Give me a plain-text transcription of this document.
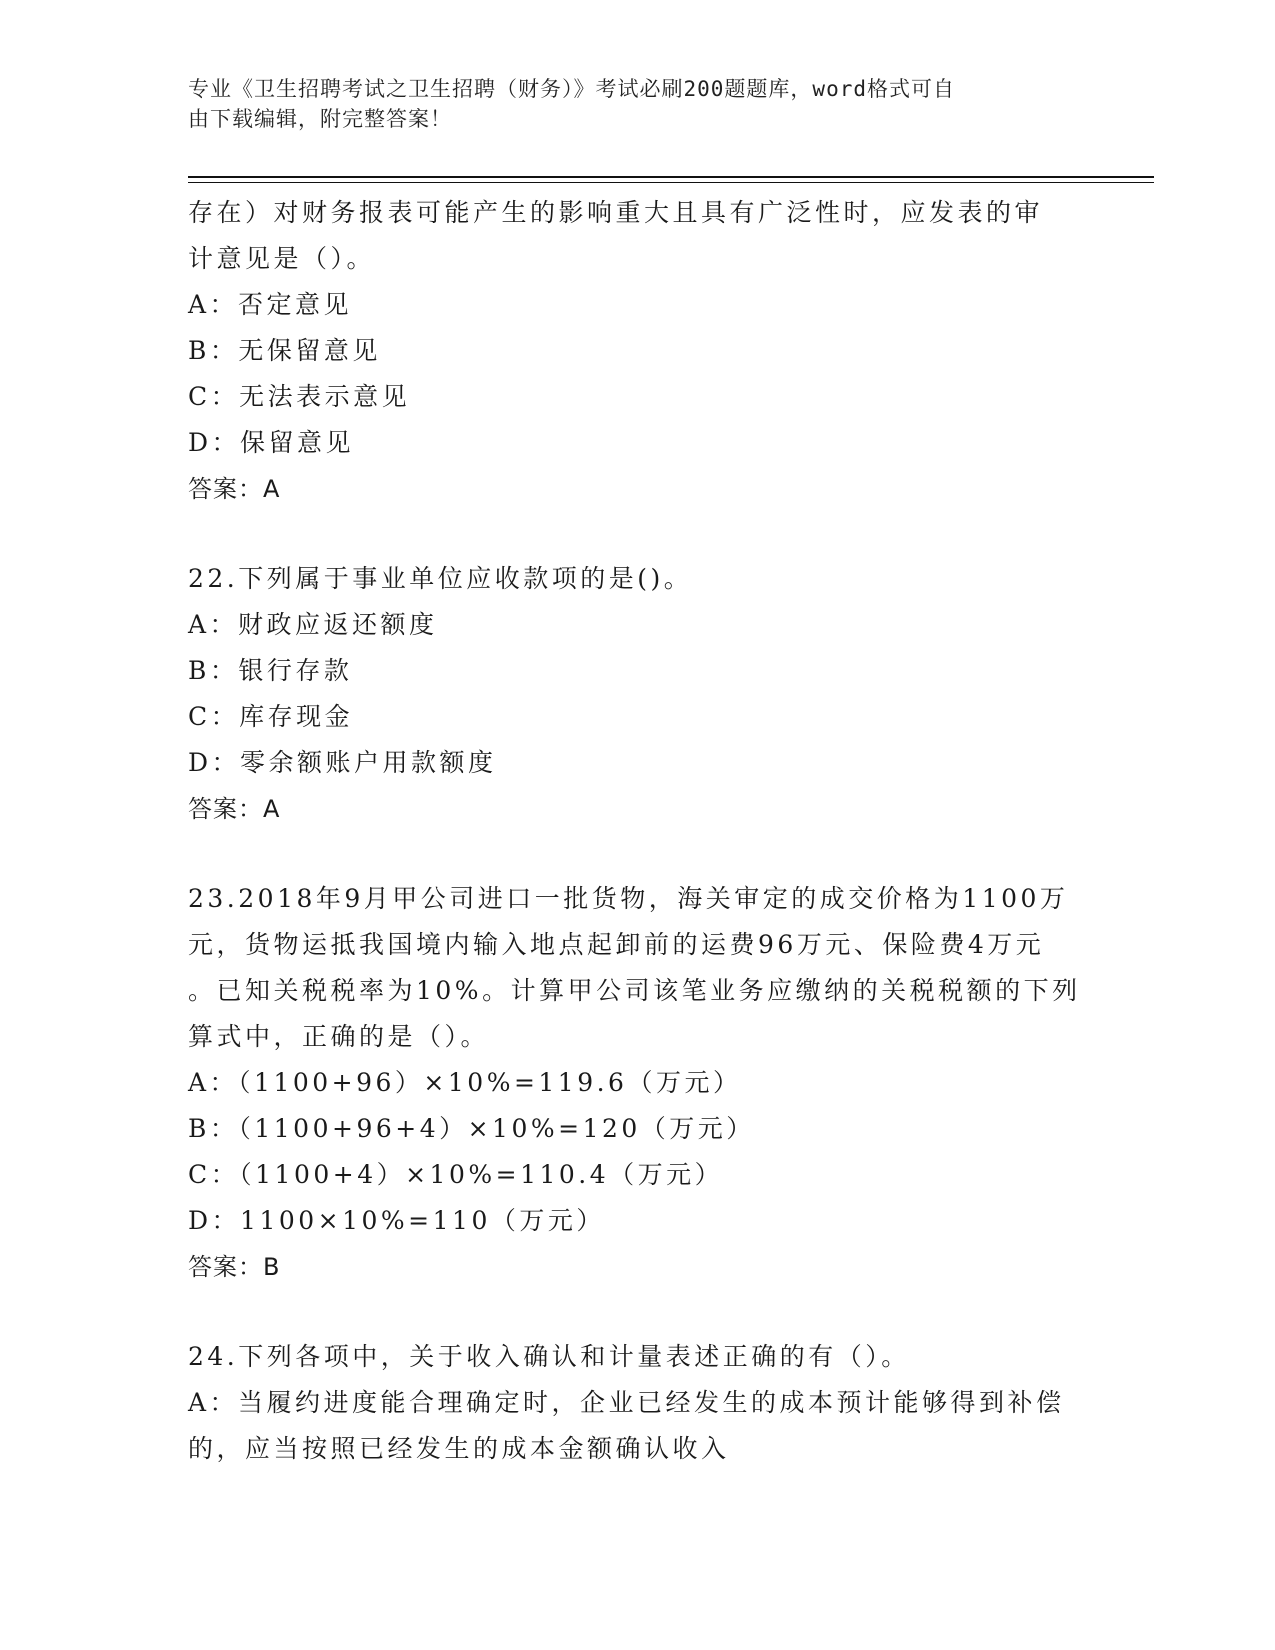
专业《卫生招聘考试之卫生招聘（财务）》考试必刷200题题库，word格式可自
由下载编辑，附完整答案！
存在）对财务报表可能产生的影响重大且具有广泛性时，应发表的审
计意见是（）。
A：否定意见
B：无保留意见
C：无法表示意见
D：保留意见
答案：A
22.下列属于事业单位应收款项的是()。
A：财政应返还额度
B：银行存款
C：库存现金
D：零余额账户用款额度
答案：A
23.2018年9月甲公司进口一批货物，海关审定的成交价格为1100万
元，货物运抵我国境内输入地点起卸前的运费96万元、保险费4万元
。已知关税税率为10%。计算甲公司该笔业务应缴纳的关税税额的下列
算式中，正确的是（）。
A：（1100+96）×10%=119.6（万元）
B：（1100+96+4）×10%=120（万元）
C：（1100+4）×10%=110.4（万元）
D：1100×10%=110（万元）
答案：B
24.下列各项中，关于收入确认和计量表述正确的有（）。
A：当履约进度能合理确定时，企业已经发生的成本预计能够得到补偿
的，应当按照已经发生的成本金额确认收入
